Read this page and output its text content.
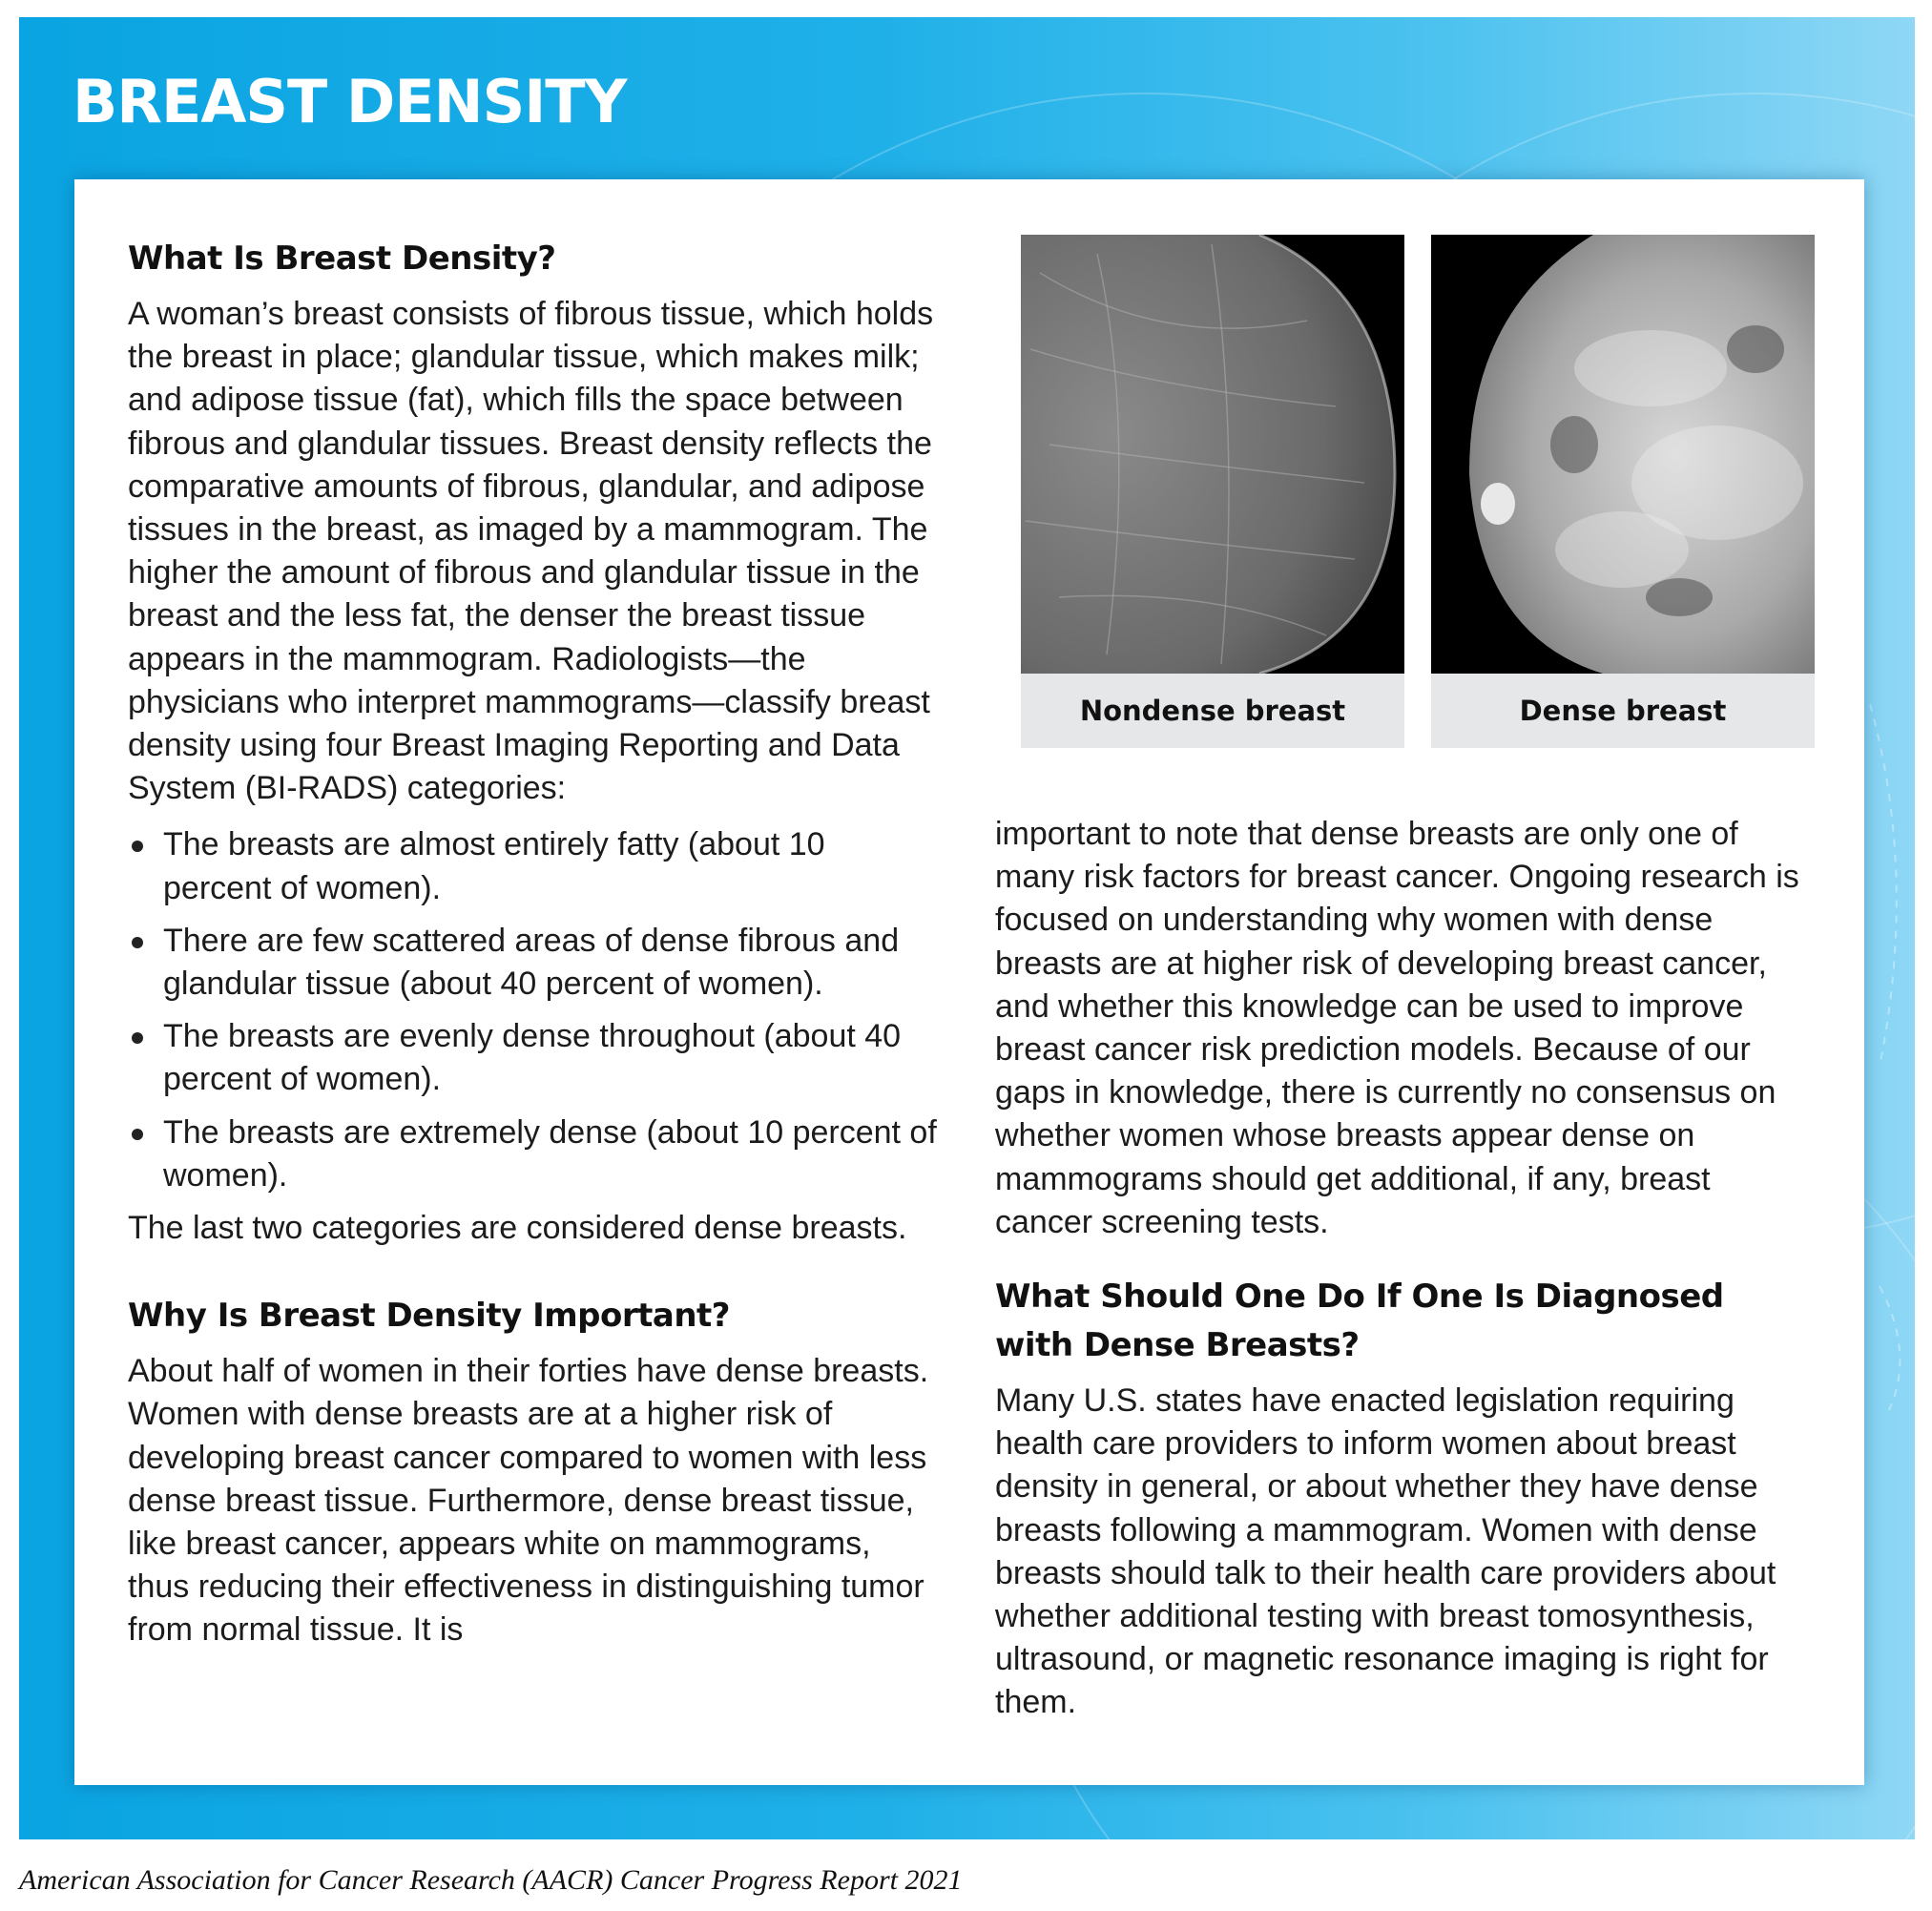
BREAST DENSITY
What Is Breast Density?

A woman’s breast consists of fibrous tissue, which holds the breast in place; glandular tissue, which makes milk; and adipose tissue (fat), which fills the space between fibrous and glandular tissues. Breast density reflects the comparative amounts of fibrous, glandular, and adipose tissues in the breast, as imaged by a mammogram. The higher the amount of fibrous and glandular tissue in the breast and the less fat, the denser the breast tissue appears in the mammogram. Radiologists—the physicians who interpret mammograms—classify breast density using four Breast Imaging Reporting and Data System (BI-RADS) categories:

The breasts are almost entirely fatty (about 10 percent of women).
There are few scattered areas of dense fibrous and glandular tissue (about 40 percent of women).
The breasts are evenly dense throughout (about 40 percent of women).
The breasts are extremely dense (about 10 percent of women).

The last two categories are considered dense breasts.

Why Is Breast Density Important?

About half of women in their forties have dense breasts. Women with dense breasts are at a higher risk of developing breast cancer compared to women with less dense breast tissue. Furthermore, dense breast tissue, like breast cancer, appears white on mammograms, thus reducing their effectiveness in distinguishing tumor from normal tissue. It is

Nondense breast	Dense breast

important to note that dense breasts are only one of many risk factors for breast cancer. Ongoing research is focused on understanding why women with dense breasts are at higher risk of developing breast cancer, and whether this knowledge can be used to improve breast cancer risk prediction models. Because of our gaps in knowledge, there is currently no consensus on whether women whose breasts appear dense on mammograms should get additional, if any, breast cancer screening tests.

What Should One Do If One Is Diagnosed with Dense Breasts?

Many U.S. states have enacted legislation requiring health care providers to inform women about breast density in general, or about whether they have dense breasts following a mammogram. Women with dense breasts should talk to their health care providers about whether additional testing with breast tomosynthesis, ultrasound, or magnetic resonance imaging is right for them.

American Association for Cancer Research (AACR) Cancer Progress Report 2021
